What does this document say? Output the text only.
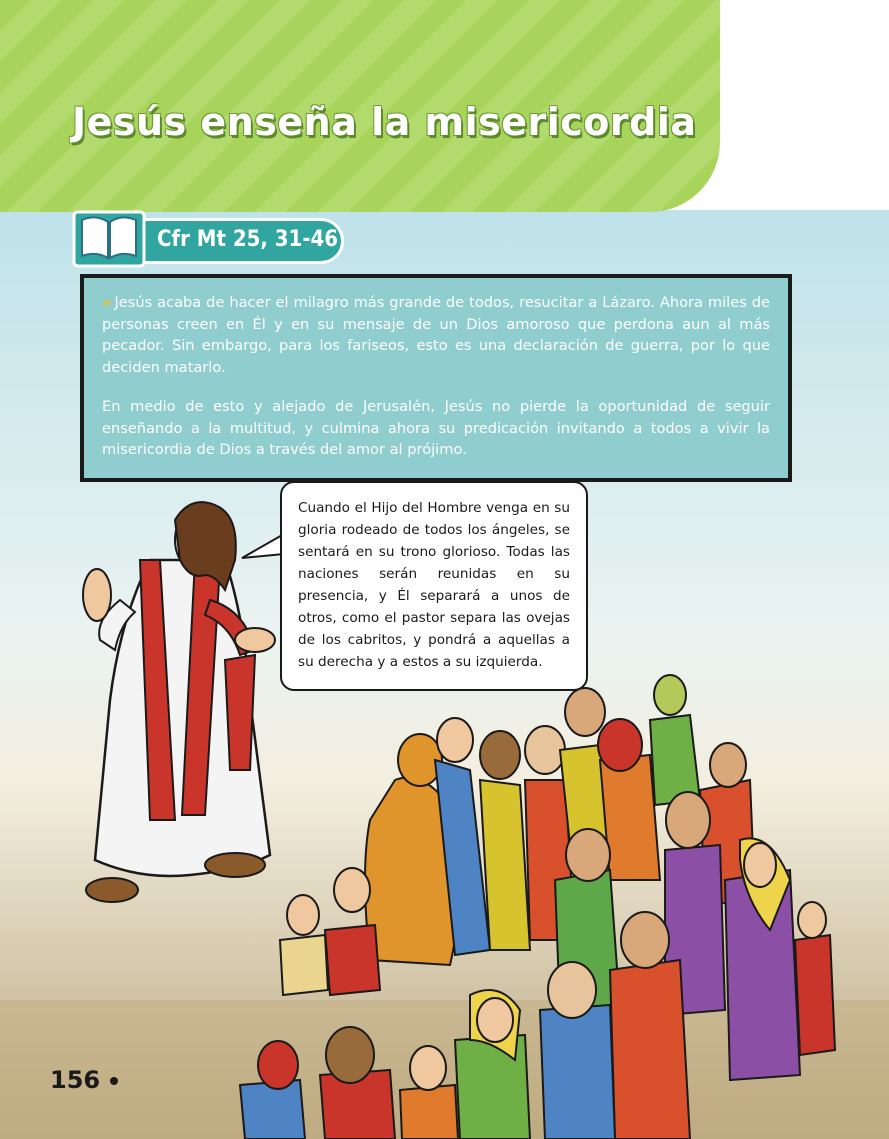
Jesús enseña la misericordia
Cfr Mt 25, 31-46

» Jesús acaba de hacer el milagro más grande de todos, resucitar a Lázaro. Ahora miles de personas creen en Él y en su mensaje de un Dios amoroso que perdona aun al más pecador. Sin embargo, para los fariseos, esto es una declaración de guerra, por lo que deciden matarlo.

En medio de esto y alejado de Jerusalén, Jesús no pierde la oportunidad de seguir enseñando a la multitud, y culmina ahora su predicación invitando a todos a vivir la misericordia de Dios a través del amor al prójimo.

Cuando el Hijo del Hombre venga en su gloria rodeado de todos los ángeles, se sentará en su trono glorioso. Todas las naciones serán reunidas en su presencia, y Él separará a unos de otros, como el pastor separa las ovejas de los cabritos, y pondrá a aquellas a su derecha y a estos a su izquierda.

156
